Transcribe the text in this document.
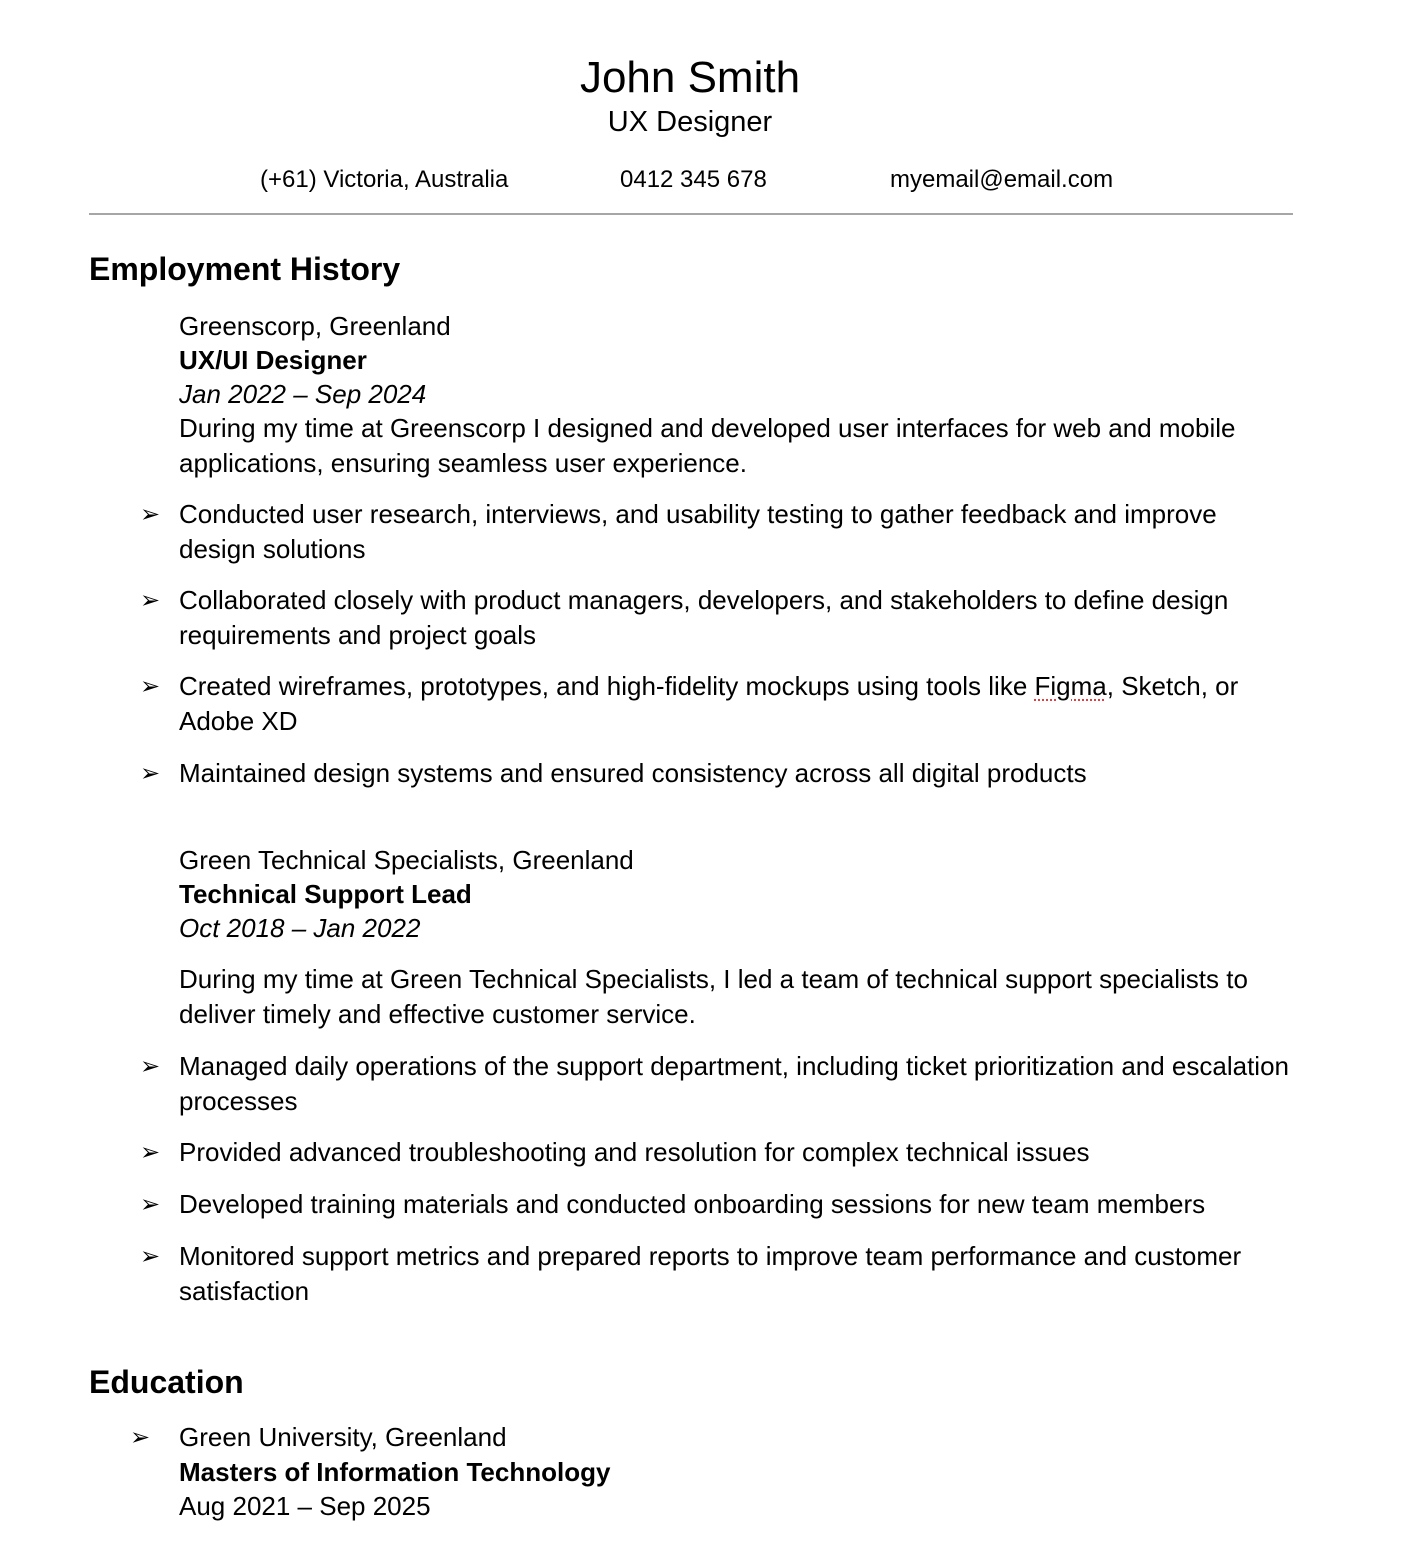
John Smith
UX Designer
(+61) Victoria, Australia	0412 345 678	myemail@email.com
Employment History
Greenscorp, Greenland
UX/UI Designer
Jan 2022 – Sep 2024
During my time at Greenscorp I designed and developed user interfaces for web and mobile applications, ensuring seamless user experience.
➢ Conducted user research, interviews, and usability testing to gather feedback and improve design solutions
➢ Collaborated closely with product managers, developers, and stakeholders to define design requirements and project goals
➢ Created wireframes, prototypes, and high-fidelity mockups using tools like Figma, Sketch, or Adobe XD
➢ Maintained design systems and ensured consistency across all digital products
Green Technical Specialists, Greenland
Technical Support Lead
Oct 2018 – Jan 2022
During my time at Green Technical Specialists, I led a team of technical support specialists to deliver timely and effective customer service.
➢ Managed daily operations of the support department, including ticket prioritization and escalation processes
➢ Provided advanced troubleshooting and resolution for complex technical issues
➢ Developed training materials and conducted onboarding sessions for new team members
➢ Monitored support metrics and prepared reports to improve team performance and customer satisfaction
Education
➢	Green University, Greenland
Masters of Information Technology
Aug 2021 – Sep 2025
